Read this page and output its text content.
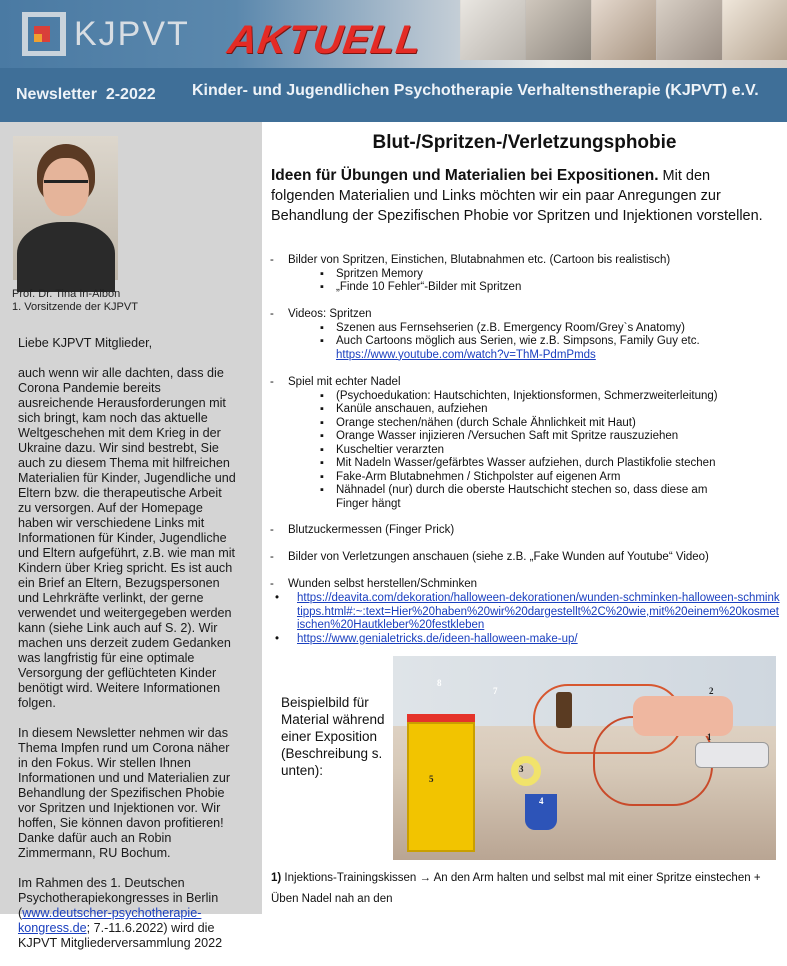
KJPVT AKTUELL
Newsletter  2-2022 Kinder- und Jugendlichen Psychotherapie Verhaltenstherapie (KJPVT) e.V.
Prof. Dr. Tina In-Albon
1. Vorsitzende der KJPVT

Liebe KJPVT Mitglieder,

auch wenn wir alle dachten, dass die Corona Pandemie bereits ausreichende Herausforderungen mit sich bringt, kam noch das aktuelle Weltgeschehen mit dem Krieg in der Ukraine dazu. Wir sind bestrebt, Sie auch zu diesem Thema mit hilfreichen Materialien für Kinder, Jugendliche und Eltern bzw. die therapeutische Arbeit zu versorgen. Auf der Homepage haben wir verschiedene Links mit Informationen für Kinder, Jugendliche und Eltern aufgeführt, z.B. wie man mit Kindern über Krieg spricht. Es ist auch ein Brief an Eltern, Bezugspersonen und Lehrkräfte verlinkt, der gerne verwendet und weitergegeben werden kann (siehe Link auch auf S. 2). Wir machen uns derzeit zudem Gedanken was langfristig für eine optimale Versorgung der geflüchteten Kinder benötigt wird. Weitere Informationen folgen.

In diesem Newsletter nehmen wir das Thema Impfen rund um Corona näher in den Fokus. Wir stellen Ihnen Informationen und und Materialien zur Behandlung der Spezifischen Phobie vor Spritzen und Injektionen vor. Wir hoffen, Sie können davon profitieren! Danke dafür auch an Robin Zimmermann, RU Bochum.

Im Rahmen des 1. Deutschen Psychotherapiekongresses in Berlin (www.deutscher-psychotherapie-kongress.de; 7.-11.6.2022) wird die KJPVT Mitgliederversammlung 2022

Blut-/Spritzen-/Verletzungsphobie
Ideen für Übungen und Materialien bei Expositionen. Mit den folgenden Materialien und Links möchten wir ein paar Anregungen zur Behandlung der Spezifischen Phobie vor Spritzen und Injektionen vorstellen.
- Bilder von Spritzen, Einstichen, Blutabnahmen etc. (Cartoon bis realistisch)
▪ Spritzen Memory
▪ „Finde 10 Fehler“-Bilder mit Spritzen
- Videos: Spritzen
▪ Szenen aus Fernsehserien (z.B. Emergency Room/Grey`s Anatomy)
▪ Auch Cartoons möglich aus Serien, wie z.B. Simpsons, Family Guy etc.
https://www.youtube.com/watch?v=ThM-PdmPmds
- Spiel mit echter Nadel
▪ (Psychoedukation: Hautschichten, Injektionsformen, Schmerzweiterleitung)
▪ Kanüle anschauen, aufziehen
▪ Orange stechen/nähen (durch Schale Ähnlichkeit mit Haut)
▪ Orange Wasser injizieren /Versuchen Saft mit Spritze rauszuziehen
▪ Kuscheltier verarzten
▪ Mit Nadeln Wasser/gefärbtes Wasser aufziehen, durch Plastikfolie stechen
▪ Fake-Arm Blutabnehmen / Stichpolster auf eigenen Arm
▪ Nähnadel (nur) durch die oberste Hautschicht stechen so, dass diese am Finger hängt
- Blutzuckermessen (Finger Prick)
- Bilder von Verletzungen anschauen (siehe z.B. „Fake Wunden auf Youtube“ Video)
- Wunden selbst herstellen/Schminken
• https://deavita.com/dekoration/halloween-dekorationen/wunden-schminken-halloween-schminktipps.html#:~:text=Hier%20haben%20wir%20dargestellt%2C%20wie,mit%20einem%20kosmetischen%20Hautkleber%20festkleben
• https://www.genialetricks.de/ideen-halloween-make-up/
Beispielbild für Material während einer Exposition (Beschreibung s. unten):
8
7	2
1
3
4
5
1) Injektions-Trainingskissen → An den Arm halten und selbst mal mit einer Spritze einstechen + Üben Nadel nah an den
